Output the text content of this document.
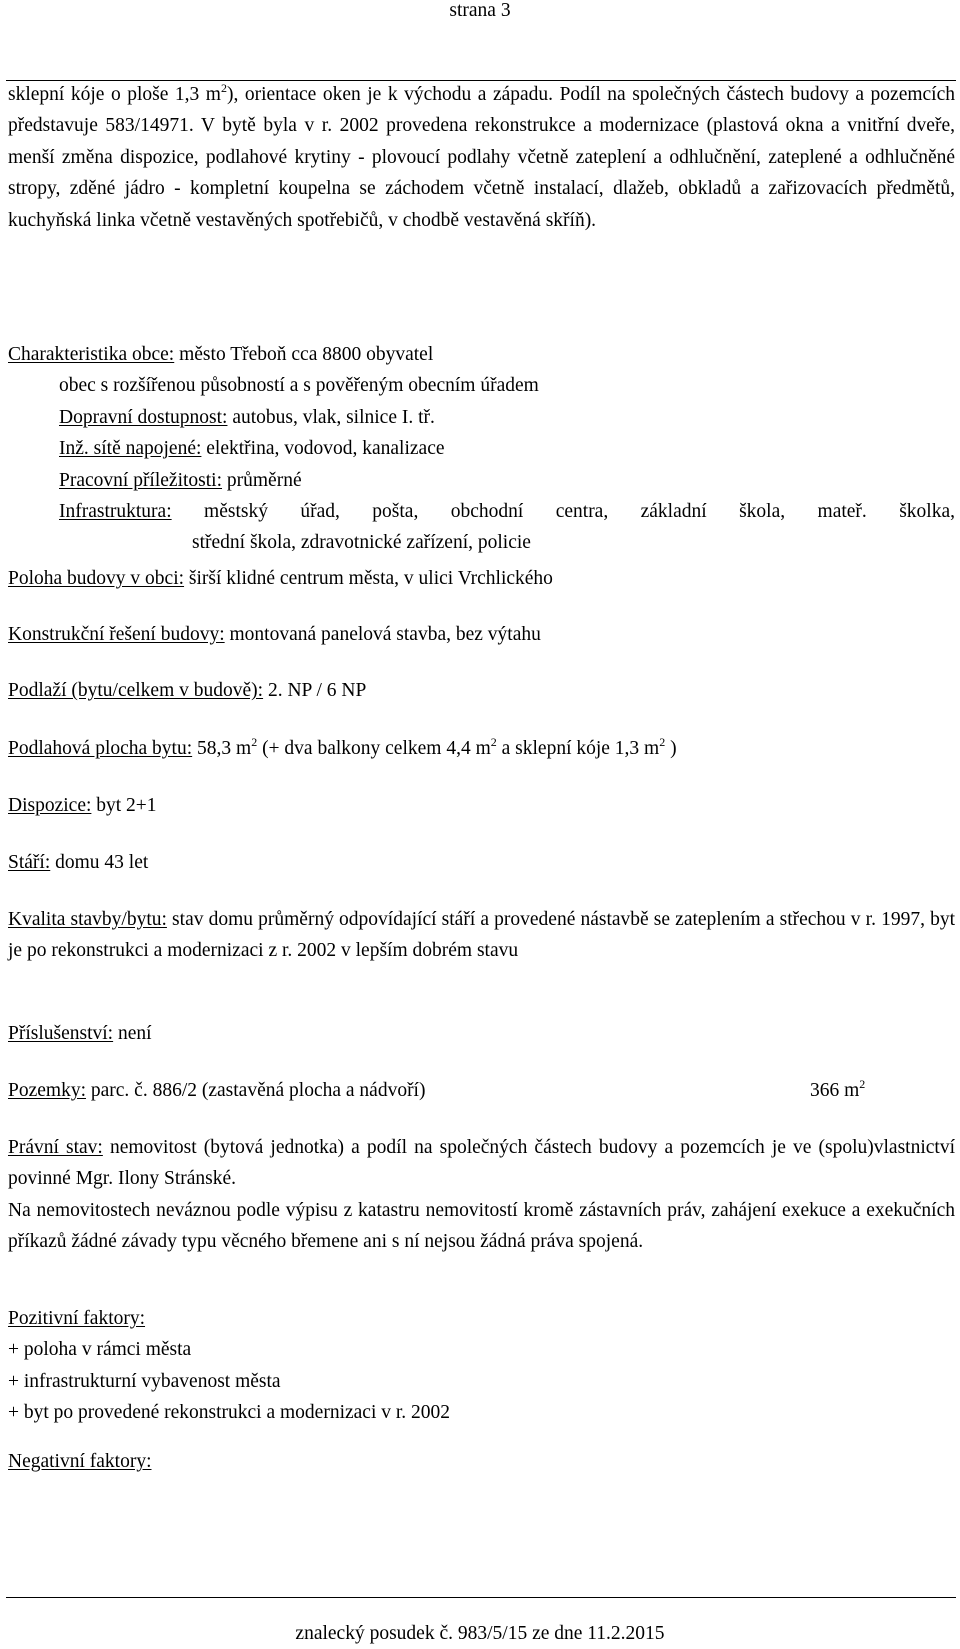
strana 3
sklepní kóje o ploše 1,3 $m^2$), orientace oken je k východu a západu. Podíl na společných částech budovy a pozemcích představuje 583/14971. V bytě byla v r. 2002 provedena rekonstrukce a modernizace (plastová okna a vnitřní dveře, menší změna dispozice, podlahové krytiny - plovoucí podlahy včetně zateplení a odhlučnění, zateplené a odhlučněné stropy, zděné jádro - kompletní koupelna se záchodem včetně instalací, dlažeb, obkladů a zařizovacích předmětů, kuchyňská linka včetně vestavěných spotřebičů, v chodbě vestavěná skříň).
Charakteristika obce: město Třeboň cca 8800 obyvatel
obec s rozšířenou působností a s pověřeným obecním úřadem
Dopravní dostupnost: autobus, vlak, silnice I. tř.
Inž. sítě napojené: elektřina, vodovod, kanalizace
Pracovní příležitosti: průměrné
Infrastruktura: městský úřad, pošta, obchodní centra, základní škola, mateř. školka,
střední škola, zdravotnické zařízení, policie
Poloha budovy v obci: širší klidné centrum města, v ulici Vrchlického
Konstrukční řešení budovy: montovaná panelová stavba, bez výtahu
Podlaží (bytu/celkem v budově): 2. NP / 6 NP
Podlahová plocha bytu: 58,3 $m^2$ (+ dva balkony celkem 4,4 $m^2$ a sklepní kóje 1,3 $m^2$ )
Dispozice: byt 2+1
Stáří: domu 43 let
Kvalita stavby/bytu: stav domu průměrný odpovídající stáří a provedené nástavbě se zateplením a střechou v r. 1997, byt je po rekonstrukci a modernizaci z r. 2002 v lepším dobrém stavu
Příslušenství: není
Pozemky: parc. č. 886/2 (zastavěná plocha a nádvoří)	366 $m^2$
Právní stav: nemovitost (bytová jednotka) a podíl na společných částech budovy a pozemcích je ve (spolu)vlastnictví povinné Mgr. Ilony Stránské.
Na nemovitostech neváznou podle výpisu z katastru nemovitostí kromě zástavních práv, zahájení exekuce a exekučních příkazů žádné závady typu věcného břemene ani s ní nejsou žádná práva spojená.
Pozitivní faktory:
+ poloha v rámci města
+ infrastrukturní vybavenost města
+ byt po provedené rekonstrukci a modernizaci v r. 2002
Negativní faktory:
znalecký posudek č. 983/5/15 ze dne 11.2.2015
